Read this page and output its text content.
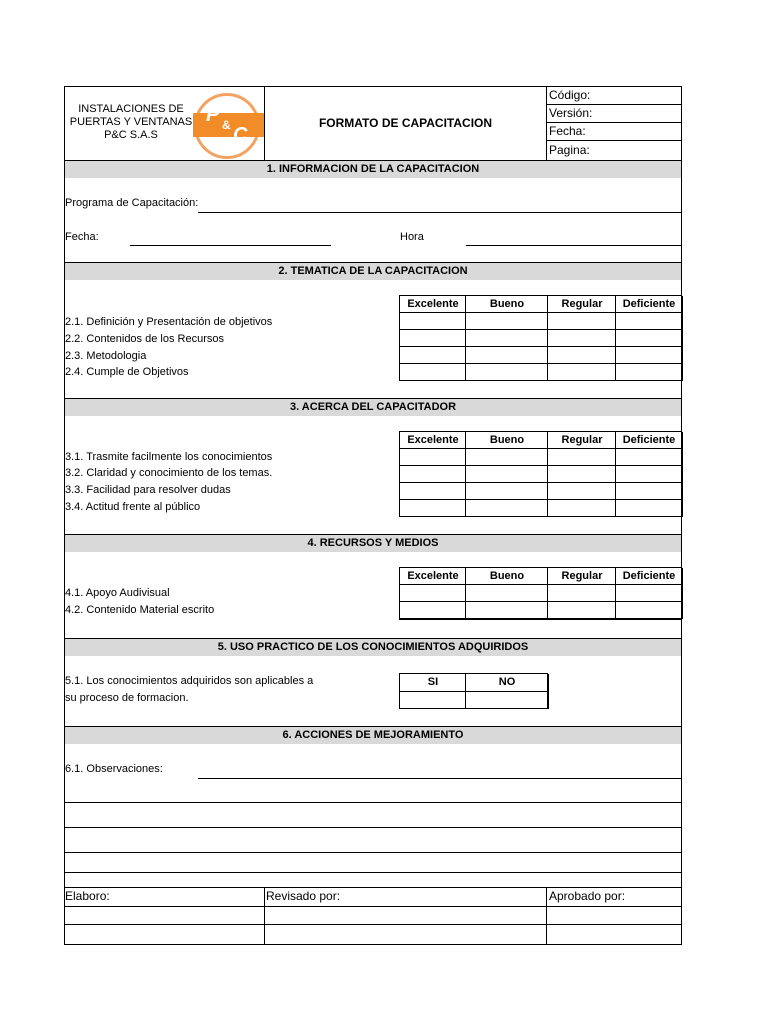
INSTALACIONES DE
PUERTAS Y VENTANAS
P&C S.A.S
P & C
FORMATO DE CAPACITACION
Código:
Versión:
Fecha:
Pagina:
1. INFORMACION DE LA CAPACITACION
Programa de Capacitación:
Fecha:	Hora
2. TEMATICA DE LA CAPACITACION
Excelente	Bueno	Regular	Deficiente
2.1. Definición y Presentación de objetivos
2.2. Contenidos de los Recursos
2.3. Metodologia
2.4. Cumple de Objetivos
3. ACERCA DEL CAPACITADOR
Excelente	Bueno	Regular	Deficiente
3.1. Trasmite facilmente los conocimientos
3.2. Claridad y conocimiento de los temas.
3.3. Facilidad para resolver dudas
3.4. Actitud frente al público
4. RECURSOS Y MEDIOS
Excelente	Bueno	Regular	Deficiente
4.1. Apoyo Audivisual
4.2. Contenido Material escrito
5. USO PRACTICO DE LOS CONOCIMIENTOS ADQUIRIDOS
5.1. Los conocimientos adquiridos son aplicables a
su proceso de formacion.
SI	NO
6. ACCIONES DE MEJORAMIENTO
6.1. Observaciones:
Elaboro:	Revisado por:	Aprobado por:
